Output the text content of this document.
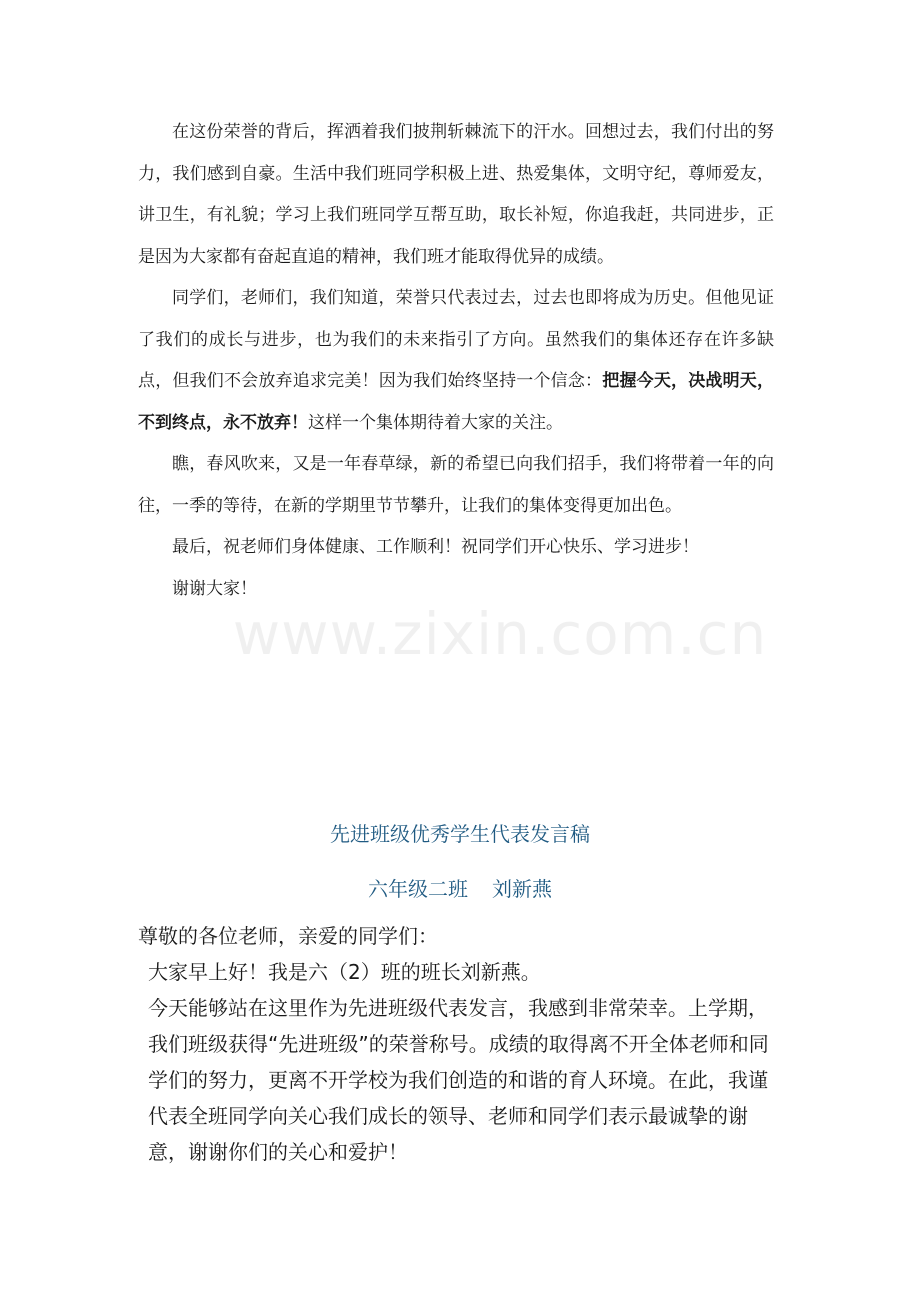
在这份荣誉的背后，挥洒着我们披荆斩棘流下的汗水。回想过去，我们付出的努力，我们感到自豪。生活中我们班同学积极上进、热爱集体，文明守纪，尊师爱友，讲卫生，有礼貌；学习上我们班同学互帮互助，取长补短，你追我赶，共同进步，正是因为大家都有奋起直追的精神，我们班才能取得优异的成绩。

同学们，老师们，我们知道，荣誉只代表过去，过去也即将成为历史。但他见证了我们的成长与进步，也为我们的未来指引了方向。虽然我们的集体还存在许多缺点，但我们不会放弃追求完美！因为我们始终坚持一个信念：把握今天，决战明天，不到终点，永不放弃！这样一个集体期待着大家的关注。

瞧，春风吹来，又是一年春草绿，新的希望已向我们招手，我们将带着一年的向往，一季的等待，在新的学期里节节攀升，让我们的集体变得更加出色。

最后，祝老师们身体健康、工作顺利！祝同学们开心快乐、学习进步！

谢谢大家！

www.zixin.com.cn
先进班级优秀学生代表发言稿
六年级二班 刘新燕

尊敬的各位老师，亲爱的同学们：

大家早上好！我是六（2）班的班长刘新燕。

今天能够站在这里作为先进班级代表发言，我感到非常荣幸。上学期，我们班级获得“先进班级”的荣誉称号。成绩的取得离不开全体老师和同学们的努力，更离不开学校为我们创造的和谐的育人环境。在此，我谨代表全班同学向关心我们成长的领导、老师和同学们表示最诚挚的谢意，谢谢你们的关心和爱护！
